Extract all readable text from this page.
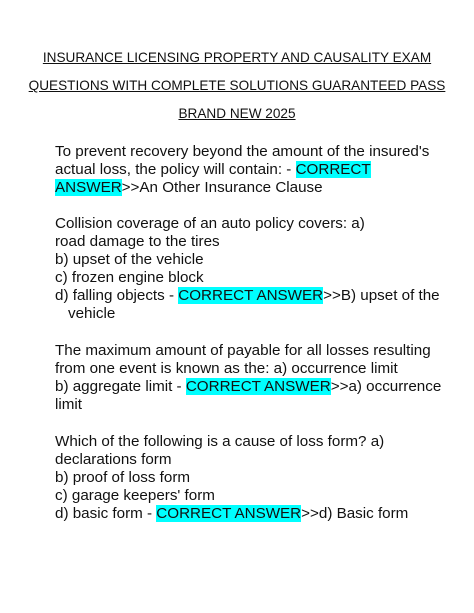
INSURANCE LICENSING PROPERTY AND CAUSALITY EXAM
QUESTIONS WITH COMPLETE SOLUTIONS GUARANTEED PASS
BRAND NEW 2025
To prevent recovery beyond the amount of the insured's
actual loss, the policy will contain: - CORRECT
ANSWER>>An Other Insurance Clause
Collision coverage of an auto policy covers: a)
road damage to the tires
b) upset of the vehicle
c) frozen engine block
d) falling objects - CORRECT ANSWER>>B) upset of the
vehicle
The maximum amount of payable for all losses resulting
from one event is known as the: a) occurrence limit
b) aggregate limit - CORRECT ANSWER>>a) occurrence
limit
Which of the following is a cause of loss form? a)
declarations form
b) proof of loss form
c) garage keepers' form
d) basic form - CORRECT ANSWER>>d) Basic form
